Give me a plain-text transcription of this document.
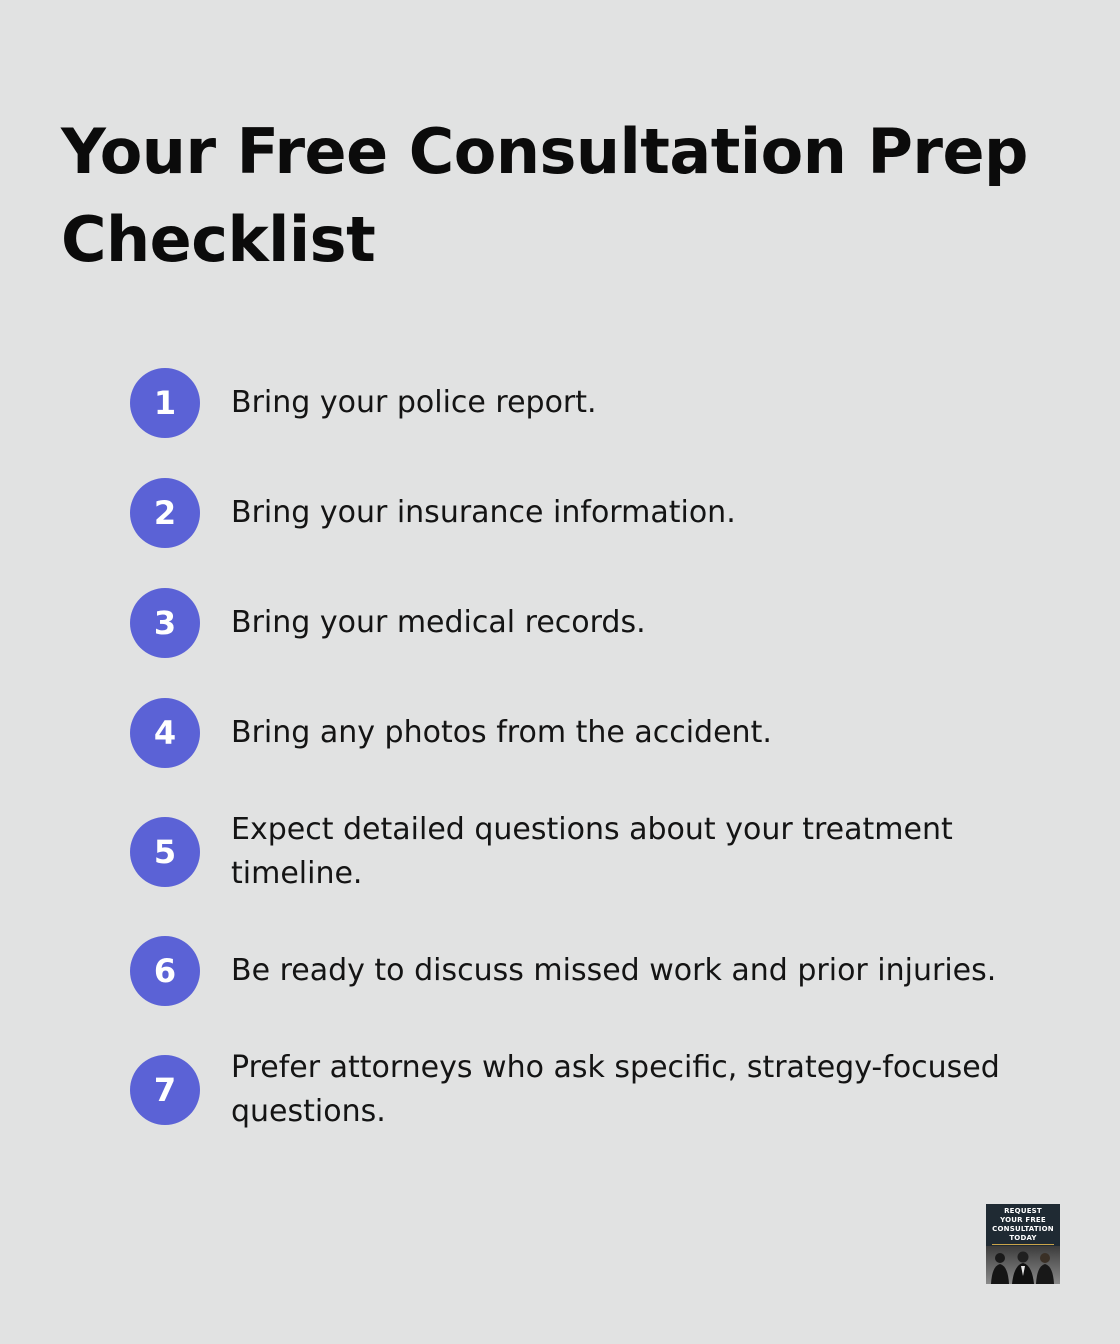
Your Free Consultation Prep Checklist
1	Bring your police report.
2	Bring your insurance information.
3	Bring your medical records.
4	Bring any photos from the accident.
5
Expect detailed questions about your treatment timeline.
6	Be ready to discuss missed work and prior injuries.
7
Prefer attorneys who ask specific, strategy-focused questions.
REQUEST
YOUR FREE
CONSULTATION
TODAY
